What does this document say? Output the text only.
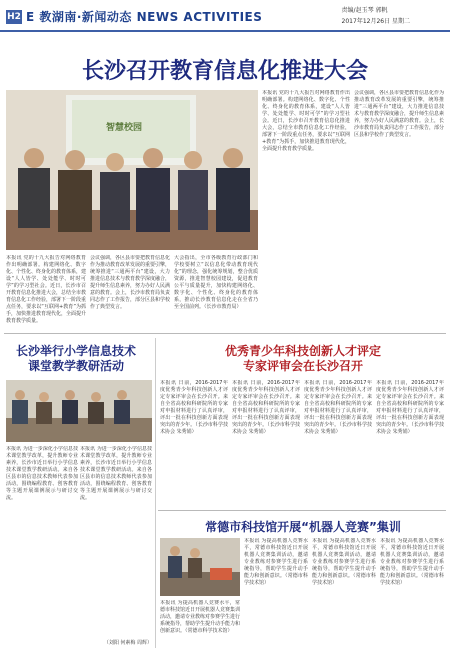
H2 E 教湖南·新闻动态 NEWS ACTIVITIES	责编/赵玉琴 郭帆
2017年12月26日 星期二
长沙召开教育信息化推进大会
智慧校园
本报讯 党的十九大报告对网络教育作出明确部署。构建网络化、数字化、个性化、终身化的教育体系，建设“人人皆学、处处能学、时时可学”的学习型社会。近日，长沙市召开教育信息化推进大会，总结全市教育信息化工作经验，部署下一阶段重点任务，要求以“互联网+教育”为抓手，加快推进教育现代化，全面提升教育教学质量。
会议强调，各区县市要把教育信息化作为推动教育改革发展的重要引擎，统筹推进“三通两平台”建设，大力推进信息技术与教育教学深度融合，提升师生信息素养，努力办好人民满意的教育。会上，长沙市教育局负责同志作了工作报告，部分区县和学校作了典型发言。
大会指出，全市各级教育行政部门和学校要树立“以信息化带动教育现代化”的理念，强化统筹规划，整合优质资源，推进智慧校园建设，促进教育公平与质量提升，加快构建网络化、数字化、个性化、终身化的教育体系，推动长沙教育信息化走在全省乃至全国前列。（长沙市教育局）
本报讯 党的十九大报告对网络教育作出明确部署。构建网络化、数字化、个性化、终身化的教育体系，建设“人人皆学、处处能学、时时可学”的学习型社会。近日，长沙市召开教育信息化推进大会，总结全市教育信息化工作经验，部署下一阶段重点任务，要求以“互联网+教育”为抓手，加快推进教育现代化，全面提升教育教学质量。
会议强调，各区县市要把教育信息化作为推动教育改革发展的重要引擎，统筹推进“三通两平台”建设，大力推进信息技术与教育教学深度融合，提升师生信息素养，努力办好人民满意的教育。会上，长沙市教育局负责同志作了工作报告，部分区县和学校作了典型发言。
长沙举行小学信息技术
课堂教学教研活动
本报讯 为进一步深化小学信息技术课堂教学改革，提升教师专业素养，长沙市近日举行小学信息技术课堂教学教研活动。来自各区县市的信息技术教师代表参加活动，围绕编程教育、创客教育等主题开展课例展示与研讨交流。
本报讯 为进一步深化小学信息技术课堂教学改革，提升教师专业素养，长沙市近日举行小学信息技术课堂教学教研活动。来自各区县市的信息技术教师代表参加活动，围绕编程教育、创客教育等主题开展课例展示与研讨交流。
（刘阳 何素梅 周辉）
优秀青少年科技创新人才评定
专家评审会在长沙召开
本报讯 日前，2016-2017年度优秀青少年科技创新人才评定专家评审会在长沙召开。来自全省高校和科研院所的专家对申报材料进行了认真评审，评出一批在科技创新方面表现突出的青少年。（长沙市科学技术协会 朱秀娟）
本报讯 日前，2016-2017年度优秀青少年科技创新人才评定专家评审会在长沙召开。来自全省高校和科研院所的专家对申报材料进行了认真评审，评出一批在科技创新方面表现突出的青少年。（长沙市科学技术协会 朱秀娟）
本报讯 日前，2016-2017年度优秀青少年科技创新人才评定专家评审会在长沙召开。来自全省高校和科研院所的专家对申报材料进行了认真评审，评出一批在科技创新方面表现突出的青少年。（长沙市科学技术协会 朱秀娟）
本报讯 日前，2016-2017年度优秀青少年科技创新人才评定专家评审会在长沙召开。来自全省高校和科研院所的专家对申报材料进行了认真评审，评出一批在科技创新方面表现突出的青少年。（长沙市科学技术协会 朱秀娟）
常德市科技馆开展“机器人竞赛”集训
本报讯 为提高机器人竞赛水平，常德市科技馆近日开展机器人竞赛集训活动，邀请专业教练对参赛学生进行系统指导，帮助学生提升动手能力和创新意识。（常德市科学技术馆）
本报讯 为提高机器人竞赛水平，常德市科技馆近日开展机器人竞赛集训活动，邀请专业教练对参赛学生进行系统指导，帮助学生提升动手能力和创新意识。（常德市科学技术馆）
本报讯 为提高机器人竞赛水平，常德市科技馆近日开展机器人竞赛集训活动，邀请专业教练对参赛学生进行系统指导，帮助学生提升动手能力和创新意识。（常德市科学技术馆）
本报讯 为提高机器人竞赛水平，常德市科技馆近日开展机器人竞赛集训活动，邀请专业教练对参赛学生进行系统指导，帮助学生提升动手能力和创新意识。（常德市科学技术馆）
